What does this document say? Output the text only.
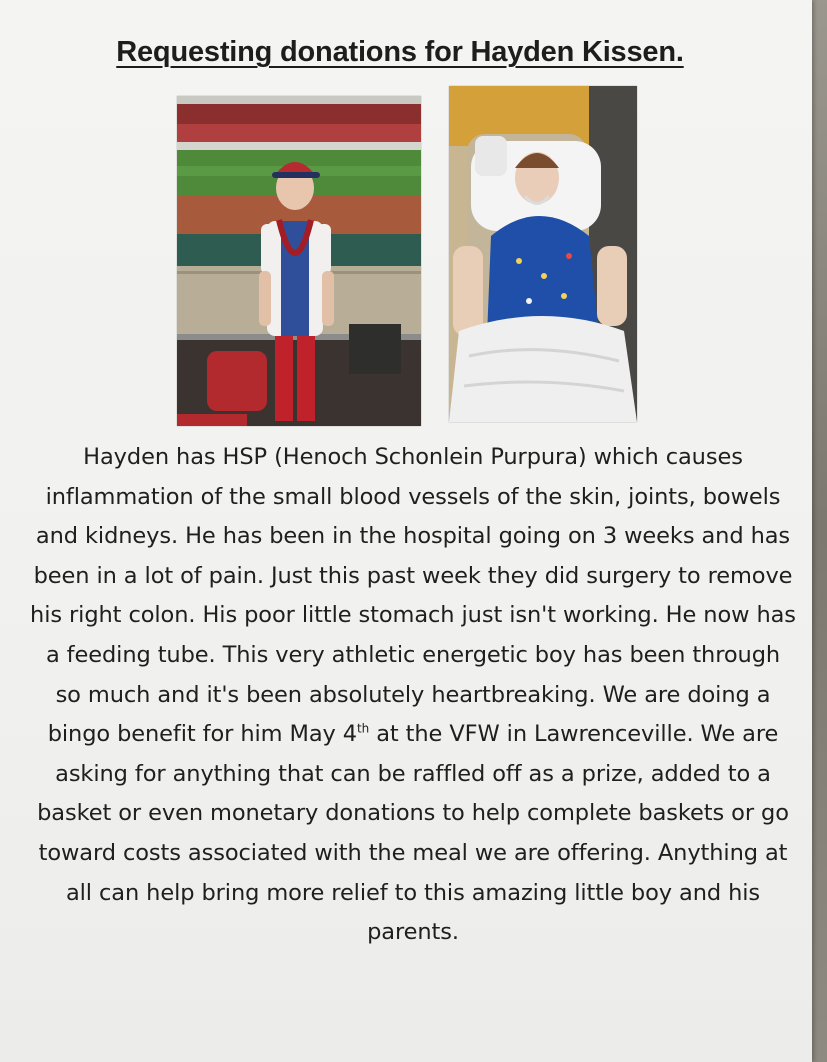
Requesting donations for Hayden Kissen.
Hayden has HSP (Henoch Schonlein Purpura) which causes inflammation of the small blood vessels of the skin, joints, bowels and kidneys. He has been in the hospital going on 3 weeks and has been in a lot of pain. Just this past week they did surgery to remove his right colon. His poor little stomach just isn't working. He now has a feeding tube. This very athletic energetic boy has been through so much and it's been absolutely heartbreaking. We are doing a bingo benefit for him May 4th at the VFW in Lawrenceville. We are asking for anything that can be raffled off as a prize, added to a basket or even monetary donations to help complete baskets or go toward costs associated with the meal we are offering. Anything at all can help bring more relief to this amazing little boy and his parents.
